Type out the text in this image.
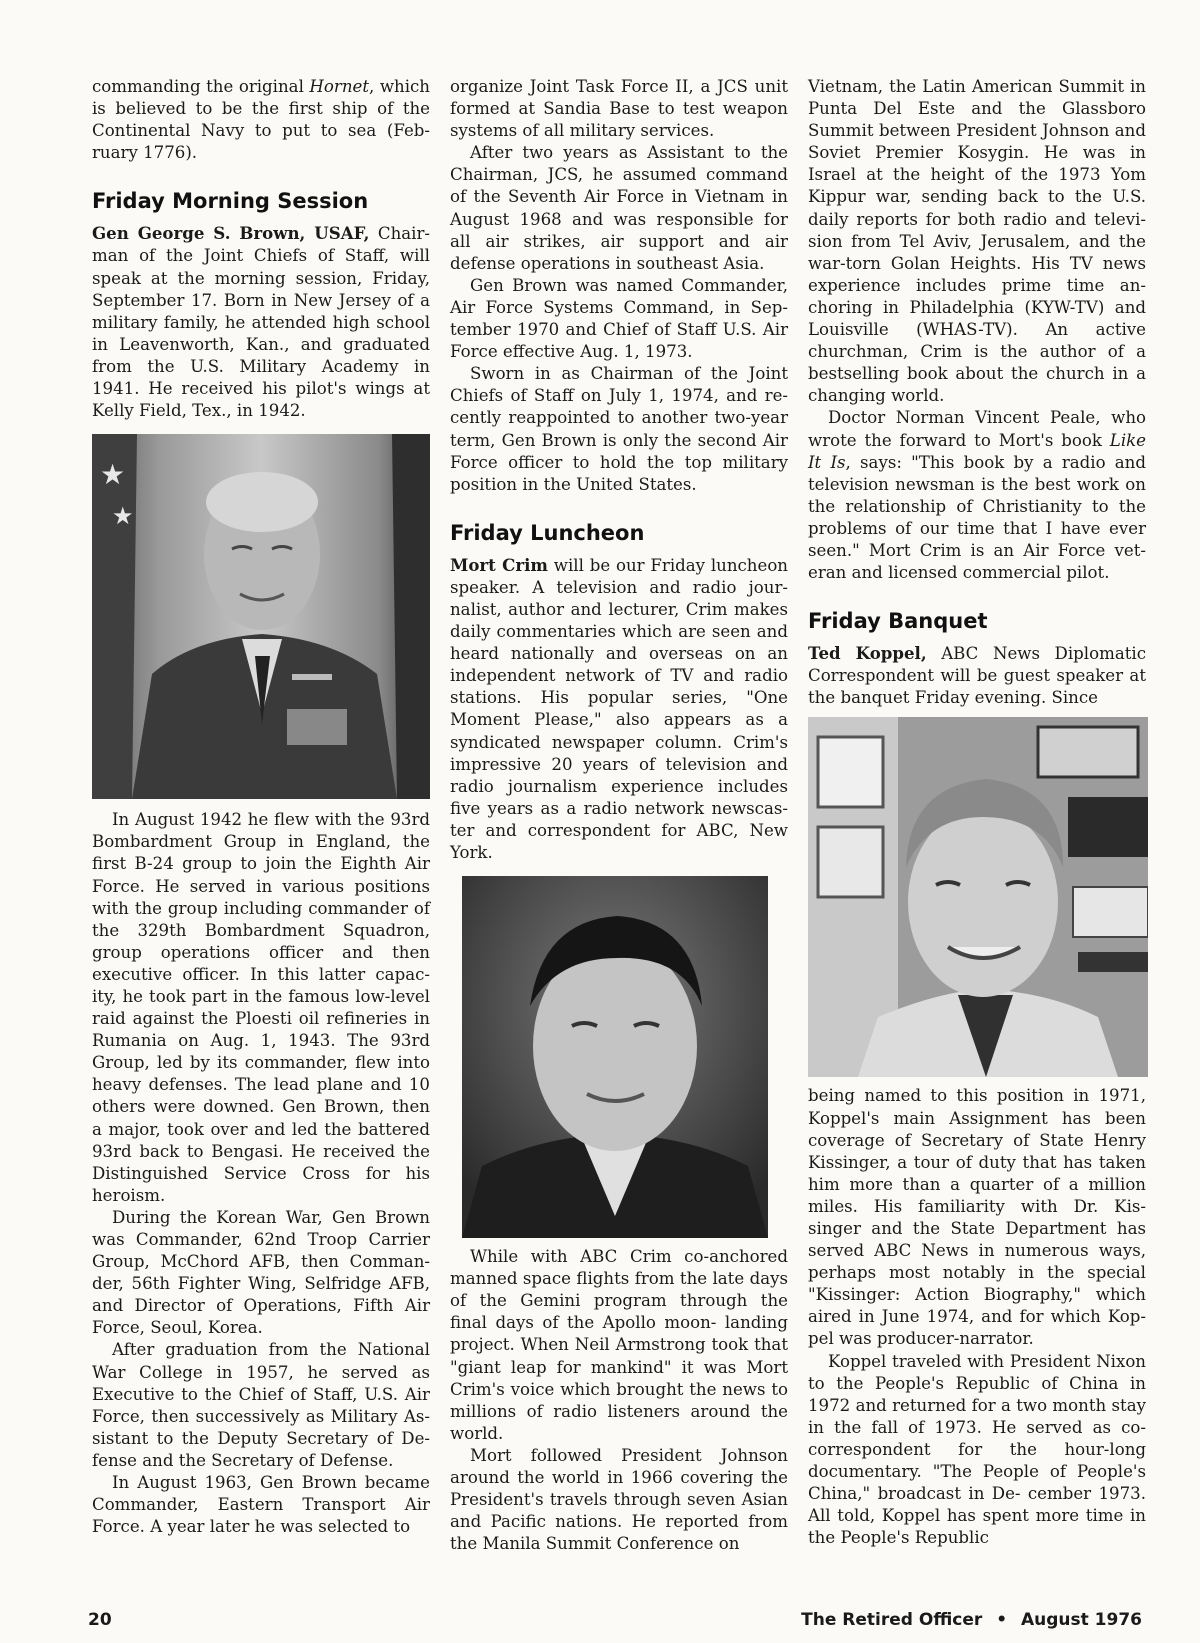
commanding the original Hornet, which is believed to be the first ship of the Continental Navy to put to sea (Feb- ruary 1776).

Friday Morning Session

Gen George S. Brown, USAF, Chair- man of the Joint Chiefs of Staff, will speak at the morning session, Friday, September 17. Born in New Jersey of a military family, he attended high school in Leavenworth, Kan., and graduated from the U.S. Military Academy in 1941. He received his pilot's wings at Kelly Field, Tex., in 1942.

★
★

In August 1942 he flew with the 93rd Bombardment Group in England, the first B-24 group to join the Eighth Air Force. He served in various positions with the group including commander of the 329th Bombardment Squadron, group operations officer and then executive officer. In this latter capac- ity, he took part in the famous low-level raid against the Ploesti oil refineries in Rumania on Aug. 1, 1943. The 93rd Group, led by its commander, flew into heavy defenses. The lead plane and 10 others were downed. Gen Brown, then a major, took over and led the battered 93rd back to Bengasi. He received the Distinguished Service Cross for his heroism.

During the Korean War, Gen Brown was Commander, 62nd Troop Carrier Group, McChord AFB, then Comman- der, 56th Fighter Wing, Selfridge AFB, and Director of Operations, Fifth Air Force, Seoul, Korea.

After graduation from the National War College in 1957, he served as Executive to the Chief of Staff, U.S. Air Force, then successively as Military As- sistant to the Deputy Secretary of De- fense and the Secretary of Defense.

In August 1963, Gen Brown became Commander, Eastern Transport Air Force. A year later he was selected to

organize Joint Task Force II, a JCS unit formed at Sandia Base to test weapon systems of all military services.

After two years as Assistant to the Chairman, JCS, he assumed command of the Seventh Air Force in Vietnam in August 1968 and was responsible for all air strikes, air support and air defense operations in southeast Asia.

Gen Brown was named Commander, Air Force Systems Command, in Sep- tember 1970 and Chief of Staff U.S. Air Force effective Aug. 1, 1973.

Sworn in as Chairman of the Joint Chiefs of Staff on July 1, 1974, and re- cently reappointed to another two-year term, Gen Brown is only the second Air Force officer to hold the top military position in the United States.

Friday Luncheon

Mort Crim will be our Friday luncheon speaker. A television and radio jour- nalist, author and lecturer, Crim makes daily commentaries which are seen and heard nationally and overseas on an independent network of TV and radio stations. His popular series, "One Moment Please," also appears as a syndicated newspaper column. Crim's impressive 20 years of television and radio journalism experience includes five years as a radio network newscas- ter and correspondent for ABC, New York.

While with ABC Crim co-anchored manned space flights from the late days of the Gemini program through the final days of the Apollo moon- landing project. When Neil Armstrong took that "giant leap for mankind" it was Mort Crim's voice which brought the news to millions of radio listeners around the world.

Mort followed President Johnson around the world in 1966 covering the President's travels through seven Asian and Pacific nations. He reported from the Manila Summit Conference on

Vietnam, the Latin American Summit in Punta Del Este and the Glassboro Summit between President Johnson and Soviet Premier Kosygin. He was in Israel at the height of the 1973 Yom Kippur war, sending back to the U.S. daily reports for both radio and televi- sion from Tel Aviv, Jerusalem, and the war-torn Golan Heights. His TV news experience includes prime time an- choring in Philadelphia (KYW-TV) and Louisville (WHAS-TV). An active churchman, Crim is the author of a bestselling book about the church in a changing world.

Doctor Norman Vincent Peale, who wrote the forward to Mort's book Like It Is, says: "This book by a radio and television newsman is the best work on the relationship of Christianity to the problems of our time that I have ever seen." Mort Crim is an Air Force vet- eran and licensed commercial pilot.

Friday Banquet

Ted Koppel, ABC News Diplomatic Correspondent will be guest speaker at the banquet Friday evening. Since

being named to this position in 1971, Koppel's main Assignment has been coverage of Secretary of State Henry Kissinger, a tour of duty that has taken him more than a quarter of a million miles. His familiarity with Dr. Kis- singer and the State Department has served ABC News in numerous ways, perhaps most notably in the special "Kissinger: Action Biography," which aired in June 1974, and for which Kop- pel was producer-narrator.

Koppel traveled with President Nixon to the People's Republic of China in 1972 and returned for a two month stay in the fall of 1973. He served as co-correspondent for the hour-long documentary. "The People of People's China," broadcast in De- cember 1973. All told, Koppel has spent more time in the People's Republic

20	The Retired Officer • August 1976
